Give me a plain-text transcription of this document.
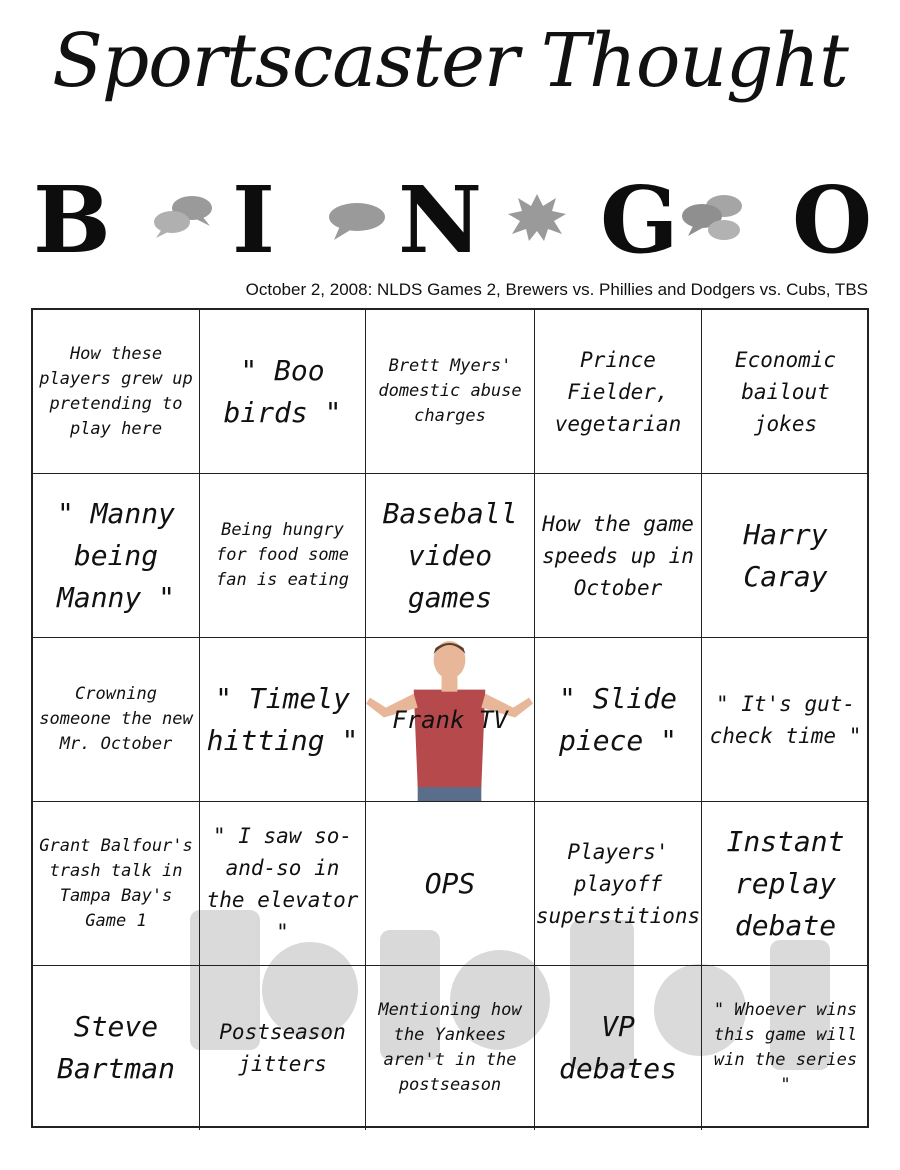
Sportscaster Thought
B I N G O
October 2, 2008: NLDS Games 2, Brewers vs. Phillies and Dodgers vs. Cubs, TBS
How these players grew up pretending to play here
" Boo birds "
Brett Myers' domestic abuse charges
Prince Fielder, vegetarian
Economic bailout jokes
" Manny being Manny "
Being hungry for food some fan is eating
Baseball video games
How the game speeds up in October
Harry Caray
Crowning someone the new Mr. October
" Timely hitting "
Frank TV
" Slide piece "
" It's gut-check time "
Grant Balfour's trash talk in Tampa Bay's Game 1
" I saw so-and-so in the elevator "
OPS
Players' playoff superstitions
Instant replay debate
Steve Bartman
Postseason jitters
Mentioning how the Yankees aren't in the postseason
VP debates
" Whoever wins this game will win the series "
